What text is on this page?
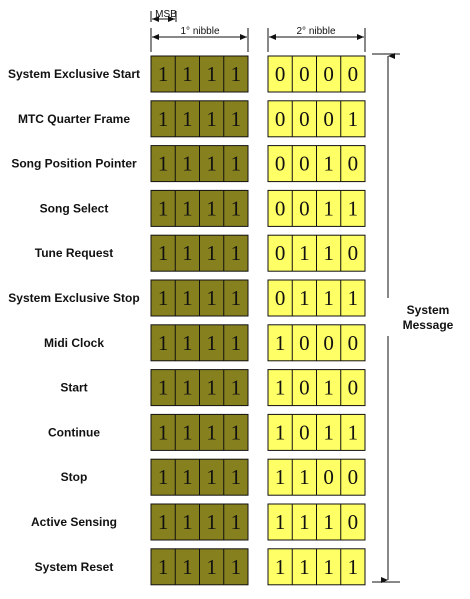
MSB
1° nibble	2° nibble
System Exclusive Start 1 1 1 1 0 0 0 0
MTC Quarter Frame 1 1 1 1 0 0 0 1
Song Position Pointer 1 1 1 1 0 0 1 0
Song Select 1 1 1 1 0 0 1 1
Tune Request 1 1 1 1 0 1 1 0
System Exclusive Stop 1 1 1 1 0 1 1 1
Midi Clock	1 1 1 1 1 0 0 0
Start	1 1 1 1 1 0 1 0
Continue	1 1 1 1 1 0 1 1
Stop	1 1 1 1 1 1 0 0
Active Sensing 1 1 1 1 1 1 1 0
System Reset 1 1 1 1 1 1 1 1
System
Message
